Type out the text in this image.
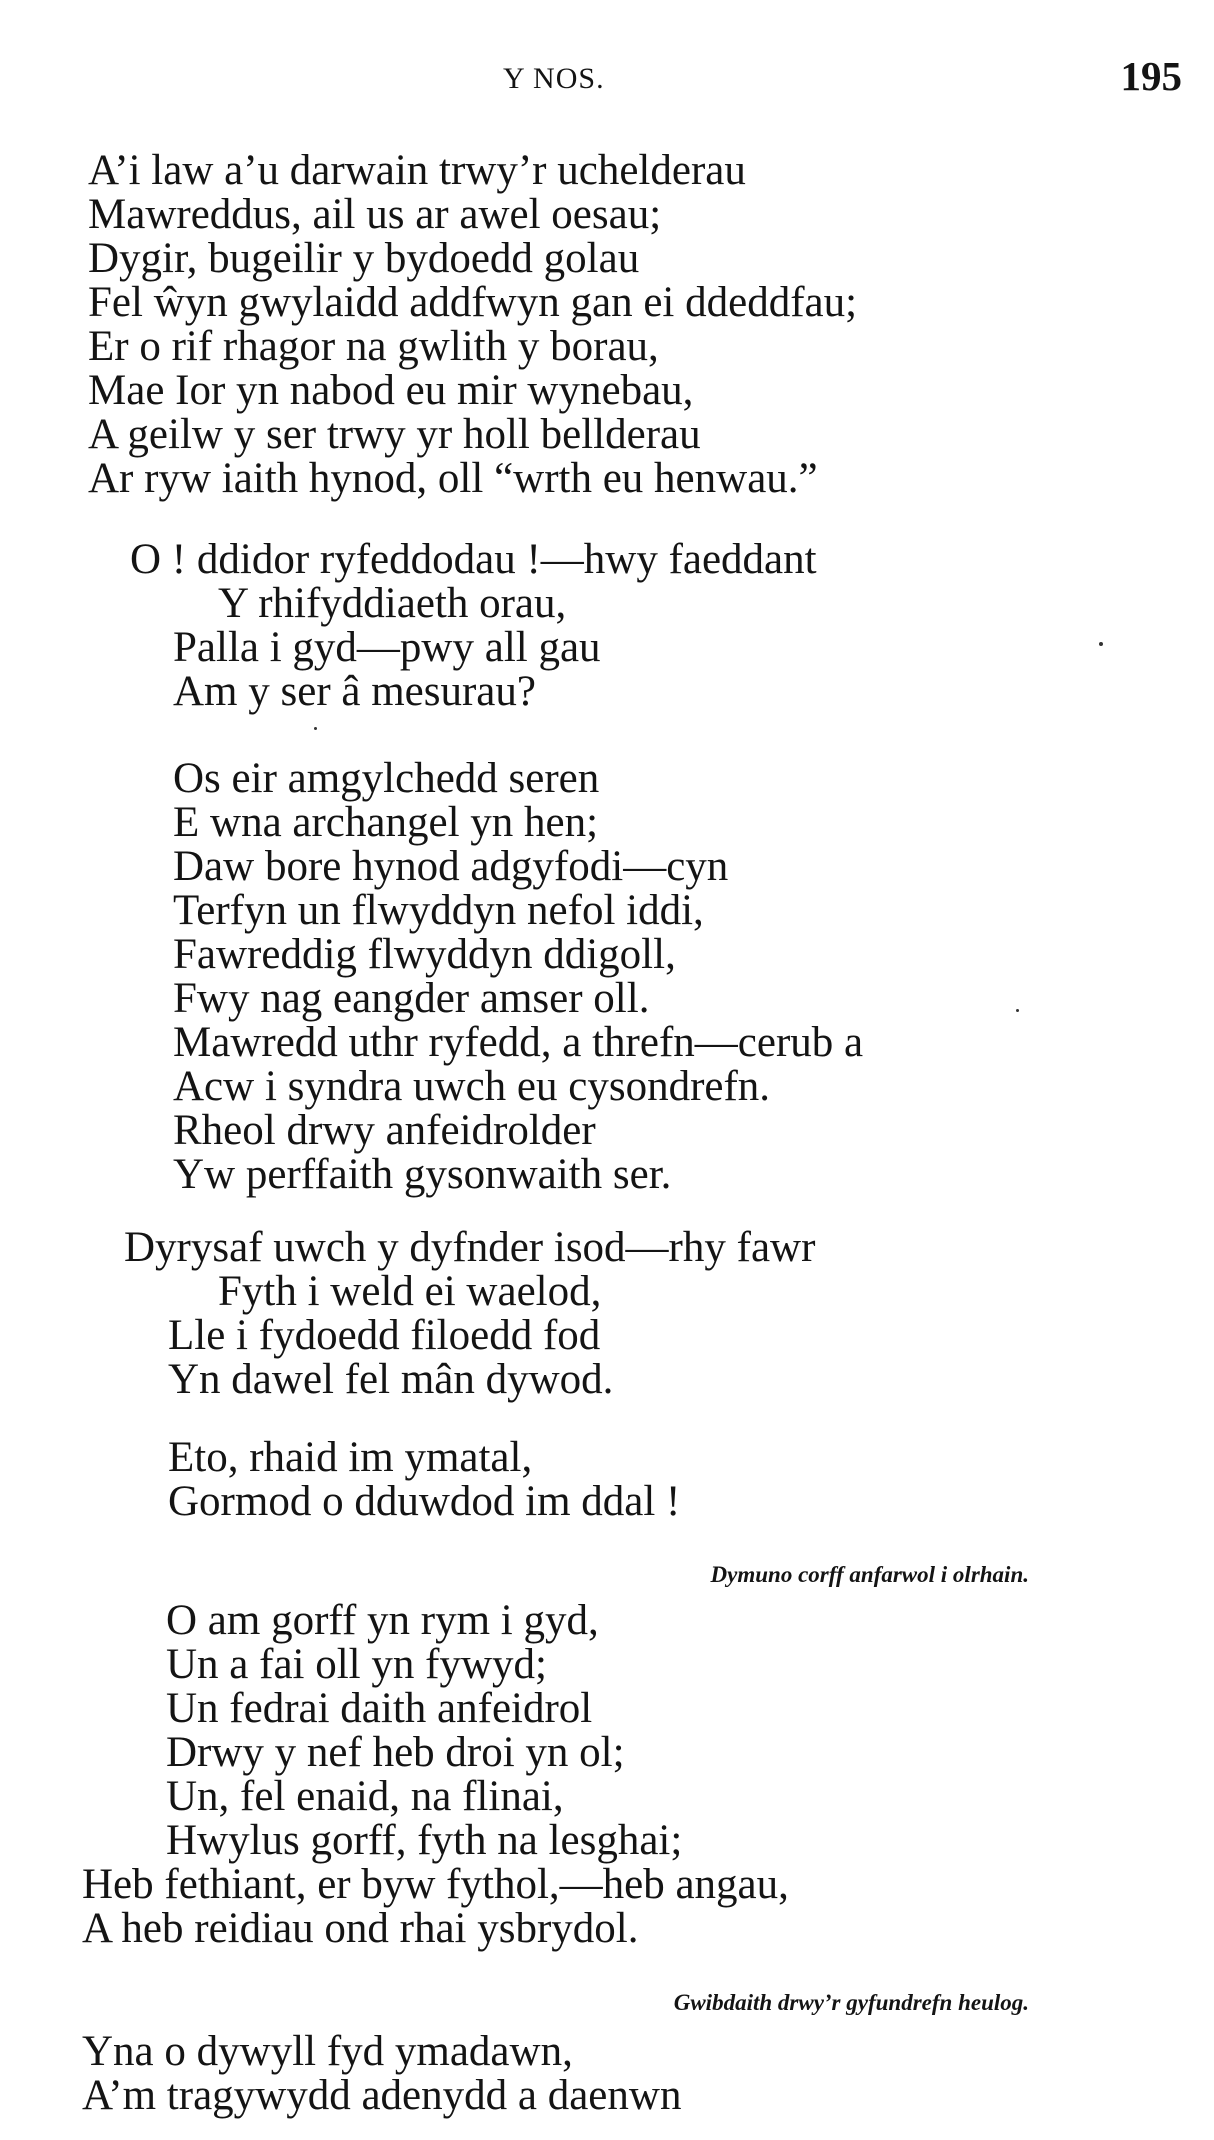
Y NOS.	195
A’i law a’u darwain trwy’r uchelderau
Mawreddus, ail us ar awel oesau;
Dygir, bugeilir y bydoedd golau
Fel ŵyn gwylaidd addfwyn gan ei ddeddfau;
Er o rif rhagor na gwlith y borau,
Mae Ior yn nabod eu mir wynebau,
A geilw y ser trwy yr holl bellderau
Ar ryw iaith hynod, oll “wrth eu henwau.”
O ! ddidor ryfeddodau !—hwy faeddant
Y rhifyddiaeth orau,
Palla i gyd—pwy all gau
Am y ser â mesurau?
Os eir amgylchedd seren
E wna archangel yn hen;
Daw bore hynod adgyfodi—cyn
Terfyn un flwyddyn nefol iddi,
Fawreddig flwyddyn ddigoll,
Fwy nag eangder amser oll.
Mawredd uthr ryfedd, a threfn—cerub a
Acw i syndra uwch eu cysondrefn.
Rheol drwy anfeidrolder
Yw perffaith gysonwaith ser.
Dyrysaf uwch y dyfnder isod—rhy fawr
Fyth i weld ei waelod,
Lle i fydoedd filoedd fod
Yn dawel fel mân dywod.
Eto, rhaid im ymatal,
Gormod o dduwdod im ddal !
Dymuno corff anfarwol i olrhain.
O am gorff yn rym i gyd,
Un a fai oll yn fywyd;
Un fedrai daith anfeidrol
Drwy y nef heb droi yn ol;
Un, fel enaid, na flinai,
Hwylus gorff, fyth na lesghai;
Heb fethiant, er byw fythol,—heb angau,
A heb reidiau ond rhai ysbrydol.
Gwibdaith drwy’r gyfundrefn heulog.
Yna o dywyll fyd ymadawn,
A’m tragywydd adenydd a daenwn
